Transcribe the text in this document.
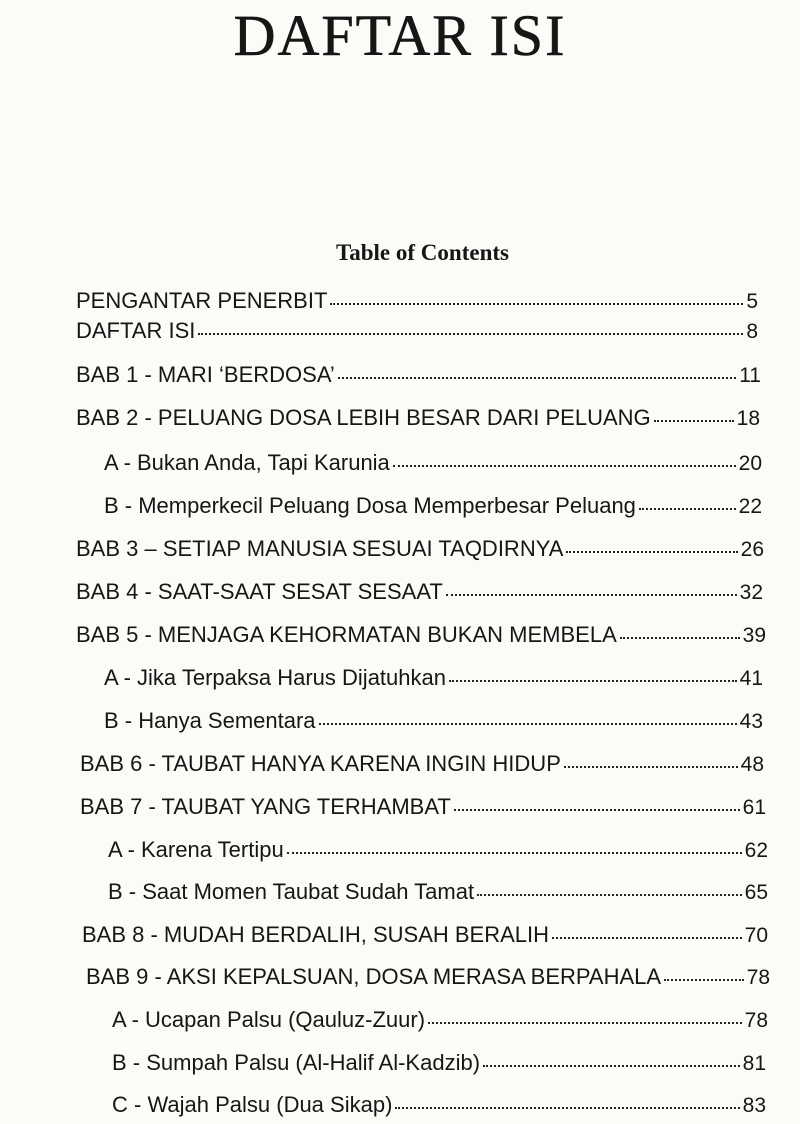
DAFTAR ISI
Table of Contents
PENGANTAR PENERBIT	5
DAFTAR ISI	8
BAB 1 - MARI ‘BERDOSA’	11
BAB 2 - PELUANG DOSA LEBIH BESAR DARI PELUANG	18
A - Bukan Anda, Tapi Karunia	20
B - Memperkecil Peluang Dosa Memperbesar Peluang	22
BAB 3 – SETIAP MANUSIA SESUAI TAQDIRNYA	26
BAB 4 - SAAT-SAAT SESAT SESAAT	32
BAB 5 - MENJAGA KEHORMATAN BUKAN MEMBELA	39
A - Jika Terpaksa Harus Dijatuhkan	41
B - Hanya Sementara	43
BAB 6 - TAUBAT HANYA KARENA INGIN HIDUP	48
BAB 7 - TAUBAT YANG TERHAMBAT	61
A - Karena Tertipu	62
B - Saat Momen Taubat Sudah Tamat	65
BAB 8 - MUDAH BERDALIH, SUSAH BERALIH	70
BAB 9 - AKSI KEPALSUAN, DOSA MERASA BERPAHALA	78
A - Ucapan Palsu (Qauluz-Zuur)	78
B - Sumpah Palsu (Al-Halif Al-Kadzib)	81
C - Wajah Palsu (Dua Sikap)	83
